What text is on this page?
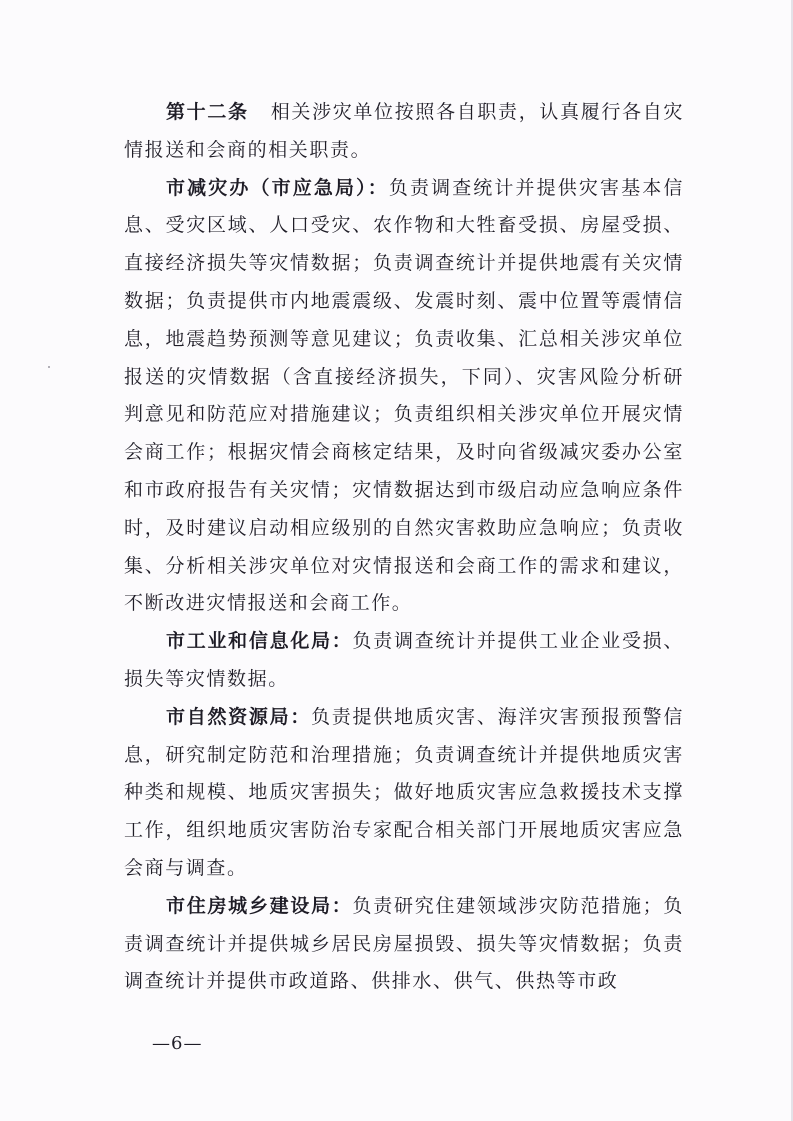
第十二条 相关涉灾单位按照各自职责，认真履行各自灾情报送和会商的相关职责。

市减灾办（市应急局）：负责调查统计并提供灾害基本信息、受灾区域、人口受灾、农作物和大牲畜受损、房屋受损、直接经济损失等灾情数据；负责调查统计并提供地震有关灾情数据；负责提供市内地震震级、发震时刻、震中位置等震情信息，地震趋势预测等意见建议；负责收集、汇总相关涉灾单位报送的灾情数据（含直接经济损失，下同）、灾害风险分析研判意见和防范应对措施建议；负责组织相关涉灾单位开展灾情会商工作；根据灾情会商核定结果，及时向省级减灾委办公室和市政府报告有关灾情；灾情数据达到市级启动应急响应条件时，及时建议启动相应级别的自然灾害救助应急响应；负责收集、分析相关涉灾单位对灾情报送和会商工作的需求和建议，不断改进灾情报送和会商工作。

市工业和信息化局：负责调查统计并提供工业企业受损、损失等灾情数据。

市自然资源局：负责提供地质灾害、海洋灾害预报预警信息，研究制定防范和治理措施；负责调查统计并提供地质灾害种类和规模、地质灾害损失；做好地质灾害应急救援技术支撑工作，组织地质灾害防治专家配合相关部门开展地质灾害应急会商与调查。

市住房城乡建设局：负责研究住建领域涉灾防范措施；负责调查统计并提供城乡居民房屋损毁、损失等灾情数据；负责调查统计并提供市政道路、供排水、供气、供热等市政

—6—
